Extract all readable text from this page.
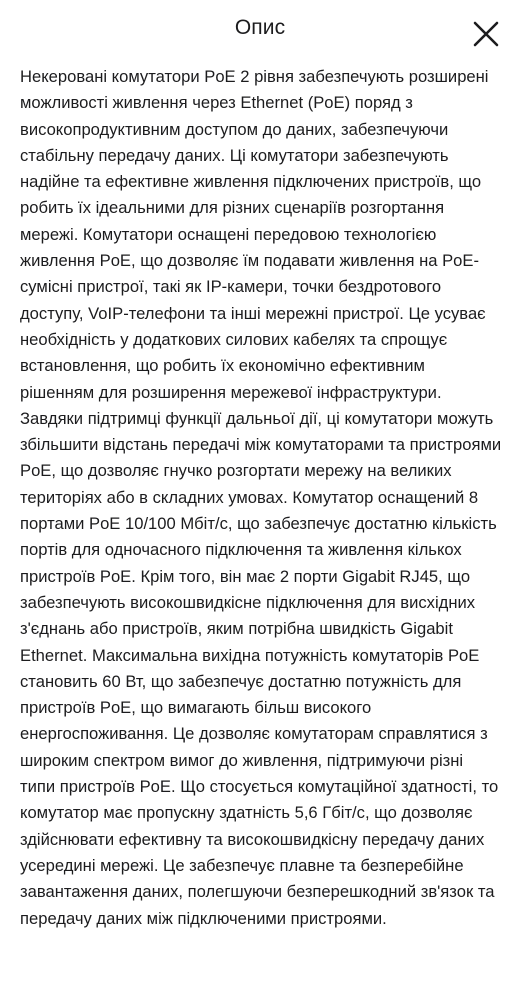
Опис
Некеровані комутатори PoE 2 рівня забезпечують розширені
можливості живлення через Ethernet (PoE) поряд з
високопродуктивним доступом до даних, забезпечуючи
стабільну передачу даних. Ці комутатори забезпечують
надійне та ефективне живлення підключених пристроїв, що
робить їх ідеальними для різних сценаріїв розгортання
мережі. Комутатори оснащені передовою технологією
живлення PoE, що дозволяє їм подавати живлення на PoE-
сумісні пристрої, такі як IP-камери, точки бездротового
доступу, VoIP-телефони та інші мережні пристрої. Це усуває
необхідність у додаткових силових кабелях та спрощує
встановлення, що робить їх економічно ефективним
рішенням для розширення мережевої інфраструктури.
Завдяки підтримці функції дальньої дії, ці комутатори можуть
збільшити відстань передачі між комутаторами та пристроями
PoE, що дозволяє гнучко розгортати мережу на великих
територіях або в складних умовах. Комутатор оснащений 8
портами PoE 10/100 Мбіт/с, що забезпечує достатню кількість
портів для одночасного підключення та живлення кількох
пристроїв PoE. Крім того, він має 2 порти Gigabit RJ45, що
забезпечують високошвидкісне підключення для висхідних
з'єднань або пристроїв, яким потрібна швидкість Gigabit
Ethernet. Максимальна вихідна потужність комутаторів PoE
становить 60 Вт, що забезпечує достатню потужність для
пристроїв PoE, що вимагають більш високого
енергоспоживання. Це дозволяє комутаторам справлятися з
широким спектром вимог до живлення, підтримуючи різні
типи пристроїв PoE. Що стосується комутаційної здатності, то
комутатор має пропускну здатність 5,6 Гбіт/с, що дозволяє
здійснювати ефективну та високошвидкісну передачу даних
усередині мережі. Це забезпечує плавне та безперебійне
завантаження даних, полегшуючи безперешкодний зв'язок та
передачу даних між підключеними пристроями.
